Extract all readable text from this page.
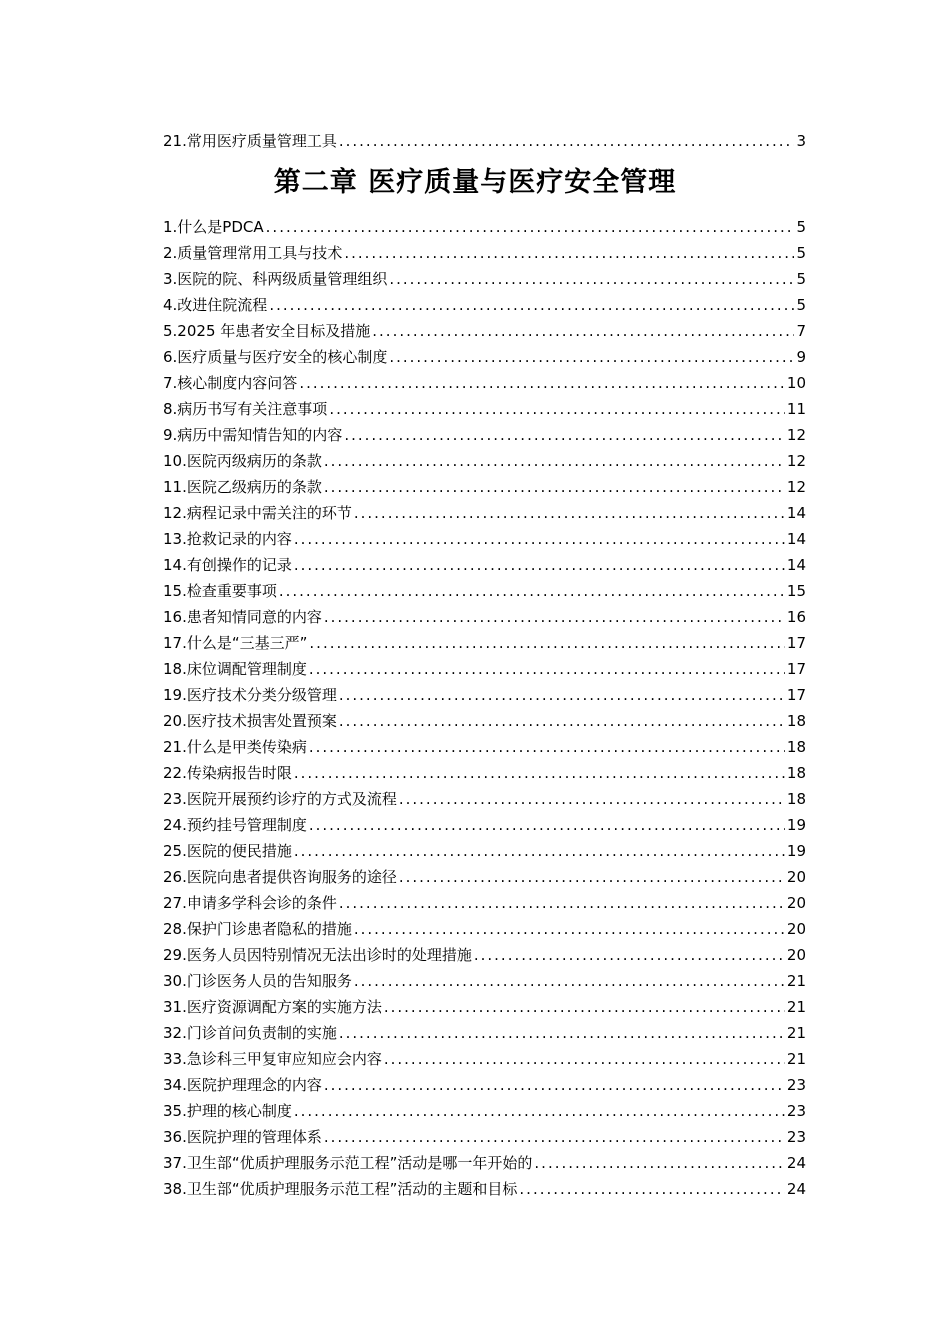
21.常用医疗质量管理工具 .....	3
第二章 医疗质量与医疗安全管理
1.什么是PDCA .....	5
2.质量管理常用工具与技术 .....	5
3.医院的院、科两级质量管理组织 .....	5
4.改进住院流程 .....	5
5.2025 年患者安全目标及措施 .....	7
6.医疗质量与医疗安全的核心制度 .....	9
7.核心制度内容问答 .....	10
8.病历书写有关注意事项 .....	11
9.病历中需知情告知的内容 .....	12
10.医院丙级病历的条款 .....	12
11.医院乙级病历的条款 .....	12
12.病程记录中需关注的环节 .....	14
13.抢救记录的内容 .....	14
14.有创操作的记录 .....	14
15.检查重要事项 .....	15
16.患者知情同意的内容 .....	16
17.什么是“三基三严” .....	17
18.床位调配管理制度 .....	17
19.医疗技术分类分级管理 .....	17
20.医疗技术损害处置预案 .....	18
21.什么是甲类传染病 .....	18
22.传染病报告时限 .....	18
23.医院开展预约诊疗的方式及流程 .....	18
24.预约挂号管理制度 .....	19
25.医院的便民措施 .....	19
26.医院向患者提供咨询服务的途径 .....	20
27.申请多学科会诊的条件 .....	20
28.保护门诊患者隐私的措施 .....	20
29.医务人员因特别情况无法出诊时的处理措施 .....	20
30.门诊医务人员的告知服务 .....	21
31.医疗资源调配方案的实施方法 .....	21
32.门诊首问负责制的实施 .....	21
33.急诊科三甲复审应知应会内容 .....	21
34.医院护理理念的内容 .....	23
35.护理的核心制度 .....	23
36.医院护理的管理体系 .....	23
37.卫生部“优质护理服务示范工程”活动是哪一年开始的 .....	24
38.卫生部“优质护理服务示范工程”活动的主题和目标 .....	24
